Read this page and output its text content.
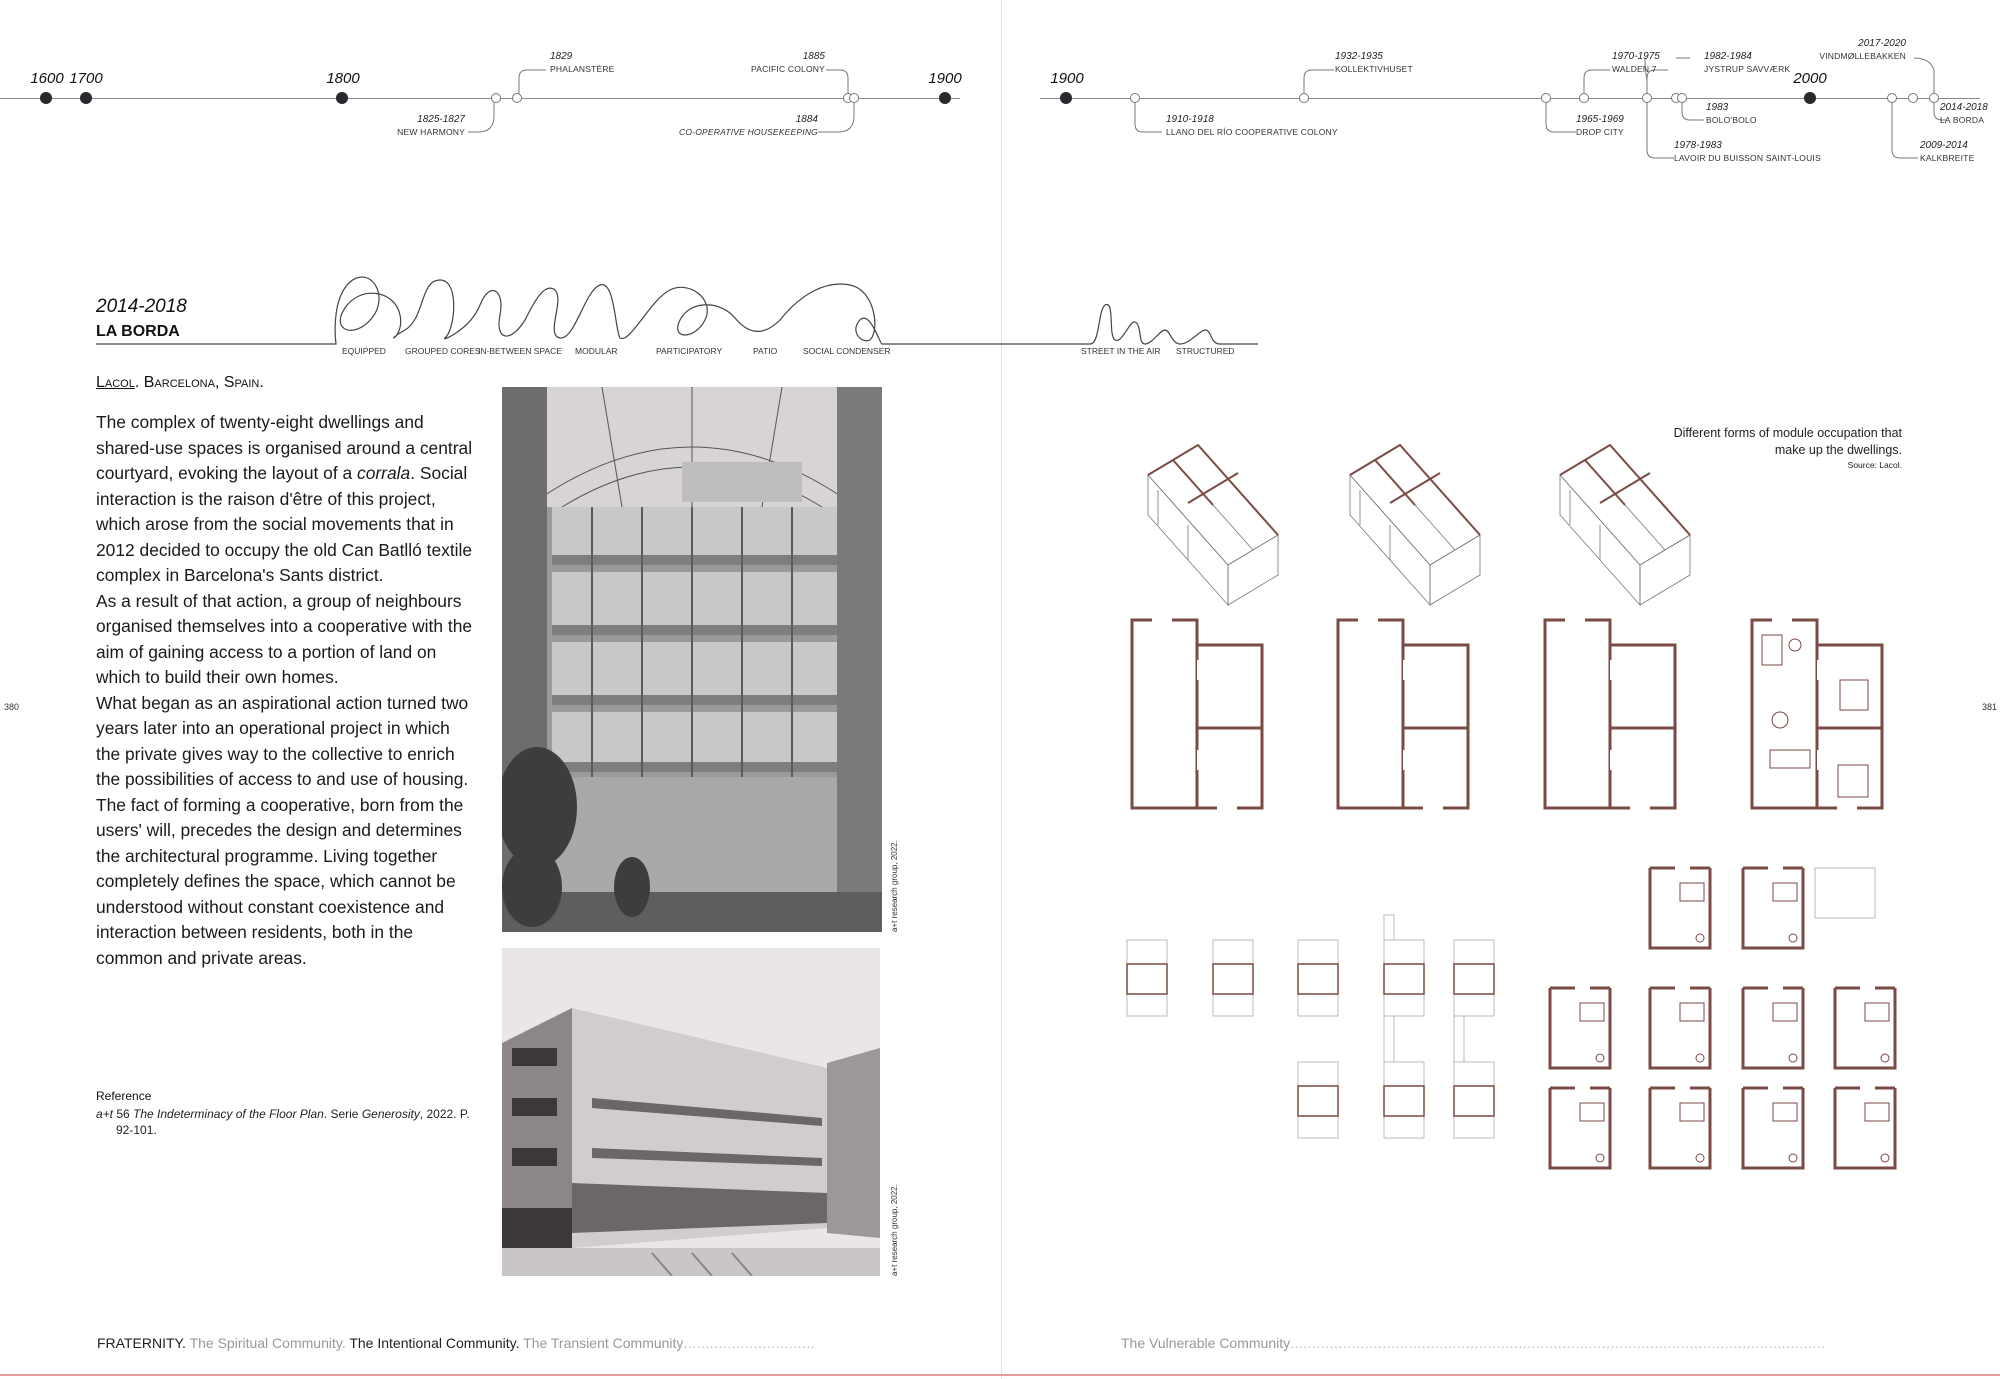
1600 1700	1800	1900
1825-1827
NEW HARMONY
1829
PHALANSTÈRE
1885
PACIFIC COLONY
1884
CO-OPERATIVE HOUSEKEEPING
1900	2000
1910-1918
LLANO DEL RÍO COOPERATIVE COLONY
1932-1935
KOLLEKTIVHUSET
1965-1969
DROP CITY
1970-1975
WALDEN 7
1982-1984
JYSTRUP SAVVÆRK
1983
BOLO'BOLO
1978-1983
LAVOIR DU BUISSON SAINT-LOUIS
2017-2020
VINDMØLLEBAKKEN
2014-2018
LA BORDA
2009-2014
KALKBREITE
2014-2018
LA BORDA
EQUIPPED GROUPED CORES
IN-BETWEEN SPACE MODULAR	PARTICIPATORY	PATIO	SOCIAL CONDENSER	STREET IN THE AIR STRUCTURED
Lacol. Barcelona, Spain.

The complex of twenty-eight dwellings and shared-use spaces is organised around a central courtyard, evoking the layout of a corrala. Social interaction is the raison d'être of this project, which arose from the social movements that in 2012 decided to occupy the old Can Batlló textile complex in Barcelona's Sants district.

As a result of that action, a group of neighbours organised themselves into a cooperative with the aim of gaining access to a portion of land on which to build their own homes.

What began as an aspirational action turned two years later into an operational project in which the private gives way to the collective to enrich the possibilities of access to and use of housing.

The fact of forming a cooperative, born from the users' will, precedes the design and determines the architectural programme. Living together completely defines the space, which cannot be understood without constant coexistence and interaction between residents, both in the common and private areas.

Reference
a+t 56 The Indeterminacy of the Floor Plan. Serie Generosity, 2022. P. 92-101.
a+t research group, 2022.
a+t research group, 2022.
380	381
Different forms of module occupation that make up the dwellings.
Source: Lacol.
FRATERNITY. The Spiritual Community. The Intentional Community. The Transient Community..............................	The Vulnerable Community..........................................................................................................................
